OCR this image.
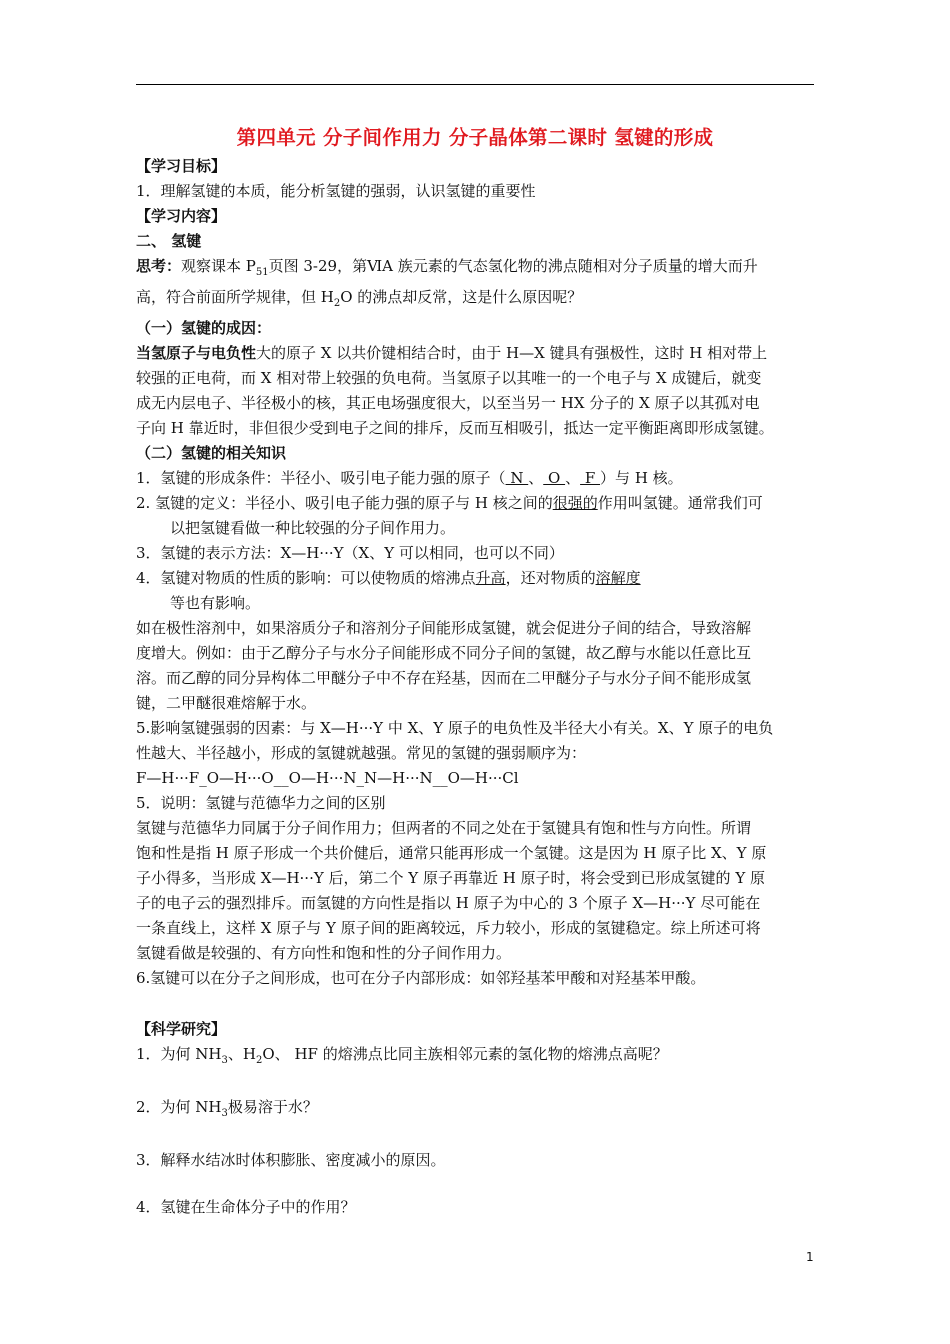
第四单元 分子间作用力 分子晶体第二课时 氢键的形成
【学习目标】
1．理解氢键的本质，能分析氢键的强弱，认识氢键的重要性
【学习内容】
二、 氢键
思考：观察课本 $P_{51}$页图 3-29，第ⅥA 族元素的气态氢化物的沸点随相对分子质量的增大而升
高，符合前面所学规律，但 $H_2O$ 的沸点却反常，这是什么原因呢？
（一）氢键的成因：
当氢原子与电负性大的原子 X 以共价键相结合时，由于 H—X 键具有强极性，这时 H 相对带上
较强的正电荷，而 X 相对带上较强的负电荷。当氢原子以其唯一的一个电子与 X 成键后，就变
成无内层电子、半径极小的核，其正电场强度很大，以至当另一 HX 分子的 X 原子以其孤对电
子向 H 靠近时，非但很少受到电子之间的排斥，反而互相吸引，抵达一定平衡距离即形成氢键。
（二）氢键的相关知识
1．氢键的形成条件：半径小、吸引电子能力强的原子（ N 、 O 、 F ）与 H 核。
2. 氢键的定义：半径小、吸引电子能力强的原子与 H 核之间的很强的作用叫氢键。通常我们可
以把氢键看做一种比较强的分子间作用力。
3．氢键的表示方法：X—H···Y（X、Y 可以相同，也可以不同）
4．氢键对物质的性质的影响：可以使物质的熔沸点升高，还对物质的溶解度
等也有影响。
如在极性溶剂中，如果溶质分子和溶剂分子间能形成氢键，就会促进分子间的结合，导致溶解
度增大。例如：由于乙醇分子与水分子间能形成不同分子间的氢键，故乙醇与水能以任意比互
溶。而乙醇的同分异构体二甲醚分子中不存在羟基，因而在二甲醚分子与水分子间不能形成氢
键，二甲醚很难熔解于水。
5.影响氢键强弱的因素：与 X—H···Y 中 X、Y 原子的电负性及半径大小有关。X、Y 原子的电负
性越大、半径越小，形成的氢键就越强。常见的氢键的强弱顺序为：
F—H···F_O—H···O__O—H···N_N—H···N__O—H···Cl
5．说明：氢键与范德华力之间的区别
氢键与范德华力同属于分子间作用力；但两者的不同之处在于氢键具有饱和性与方向性。所谓
饱和性是指 H 原子形成一个共价健后，通常只能再形成一个氢键。这是因为 H 原子比 X、Y 原
子小得多，当形成 X—H···Y 后，第二个 Y 原子再靠近 H 原子时，将会受到已形成氢键的 Y 原
子的电子云的强烈排斥。而氢键的方向性是指以 H 原子为中心的 3 个原子 X—H···Y 尽可能在
一条直线上，这样 X 原子与 Y 原子间的距离较远，斥力较小，形成的氢键稳定。综上所述可将
氢键看做是较强的、有方向性和饱和性的分子间作用力。
6.氢键可以在分子之间形成，也可在分子内部形成：如邻羟基苯甲酸和对羟基苯甲酸。
【科学研究】
1．为何 $NH_3$、$H_2O$、 HF 的熔沸点比同主族相邻元素的氢化物的熔沸点高呢？
2．为何 $NH_3$极易溶于水？
3．解释水结冰时体积膨胀、密度减小的原因。
4．氢键在生命体分子中的作用？
1
